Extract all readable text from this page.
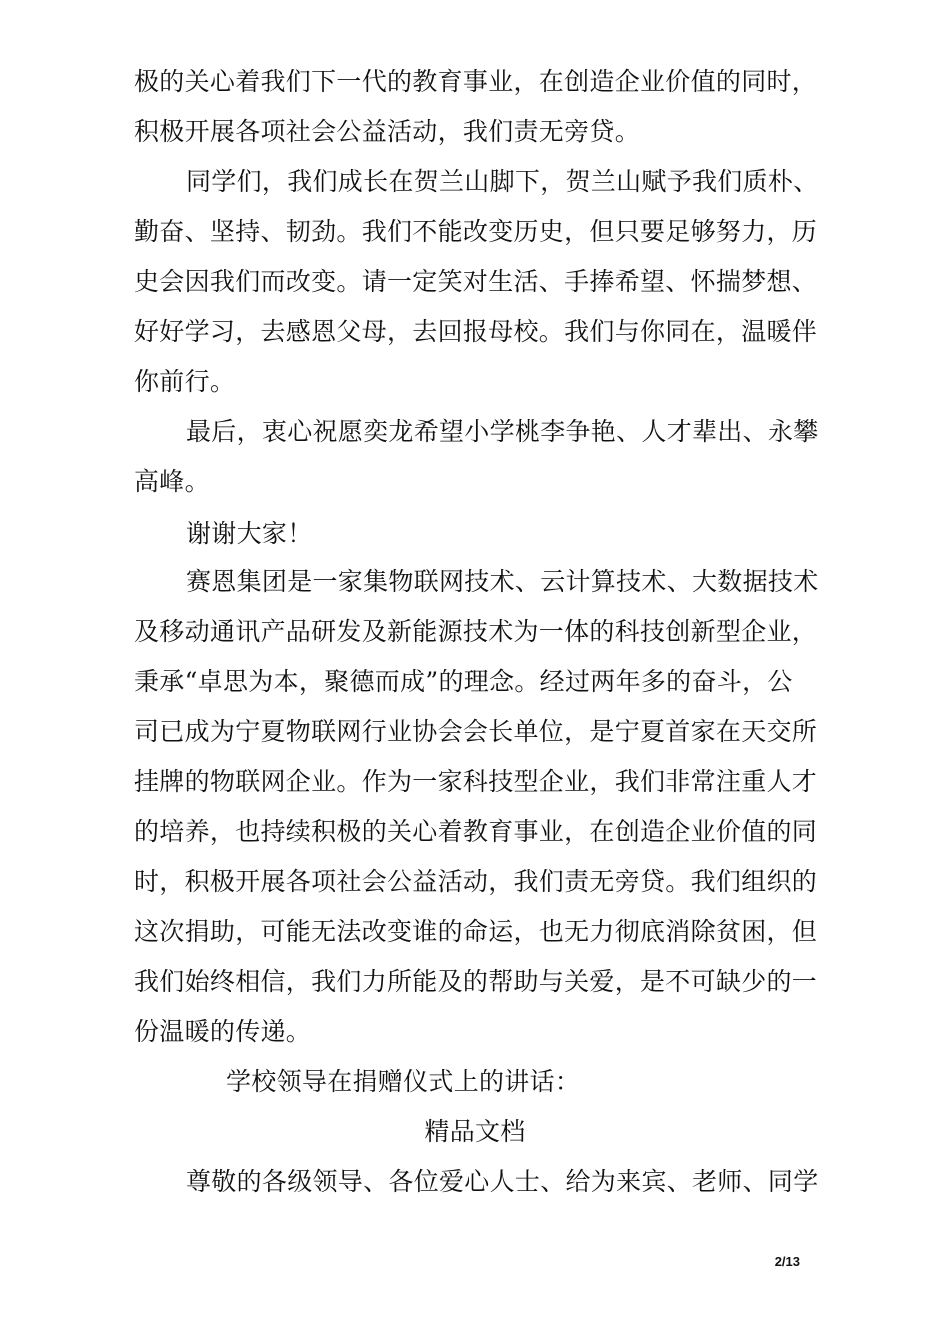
极的关心着我们下一代的教育事业，在创造企业价值的同时，
积极开展各项社会公益活动，我们责无旁贷。
同学们，我们成长在贺兰山脚下，贺兰山赋予我们质朴、
勤奋、坚持、韧劲。我们不能改变历史，但只要足够努力，历
史会因我们而改变。请一定笑对生活、手捧希望、怀揣梦想、
好好学习，去感恩父母，去回报母校。我们与你同在，温暖伴
你前行。
最后，衷心祝愿奕龙希望小学桃李争艳、人才辈出、永攀
高峰。
谢谢大家！
赛恩集团是一家集物联网技术、云计算技术、大数据技术
及移动通讯产品研发及新能源技术为一体的科技创新型企业，
秉承“卓思为本，聚德而成”的理念。经过两年多的奋斗，公
司已成为宁夏物联网行业协会会长单位，是宁夏首家在天交所
挂牌的物联网企业。作为一家科技型企业，我们非常注重人才
的培养，也持续积极的关心着教育事业，在创造企业价值的同
时，积极开展各项社会公益活动，我们责无旁贷。我们组织的
这次捐助，可能无法改变谁的命运，也无力彻底消除贫困，但
我们始终相信，我们力所能及的帮助与关爱，是不可缺少的一
份温暖的传递。
学校领导在捐赠仪式上的讲话：
精品文档
尊敬的各级领导、各位爱心人士、给为来宾、老师、同学
2/13
